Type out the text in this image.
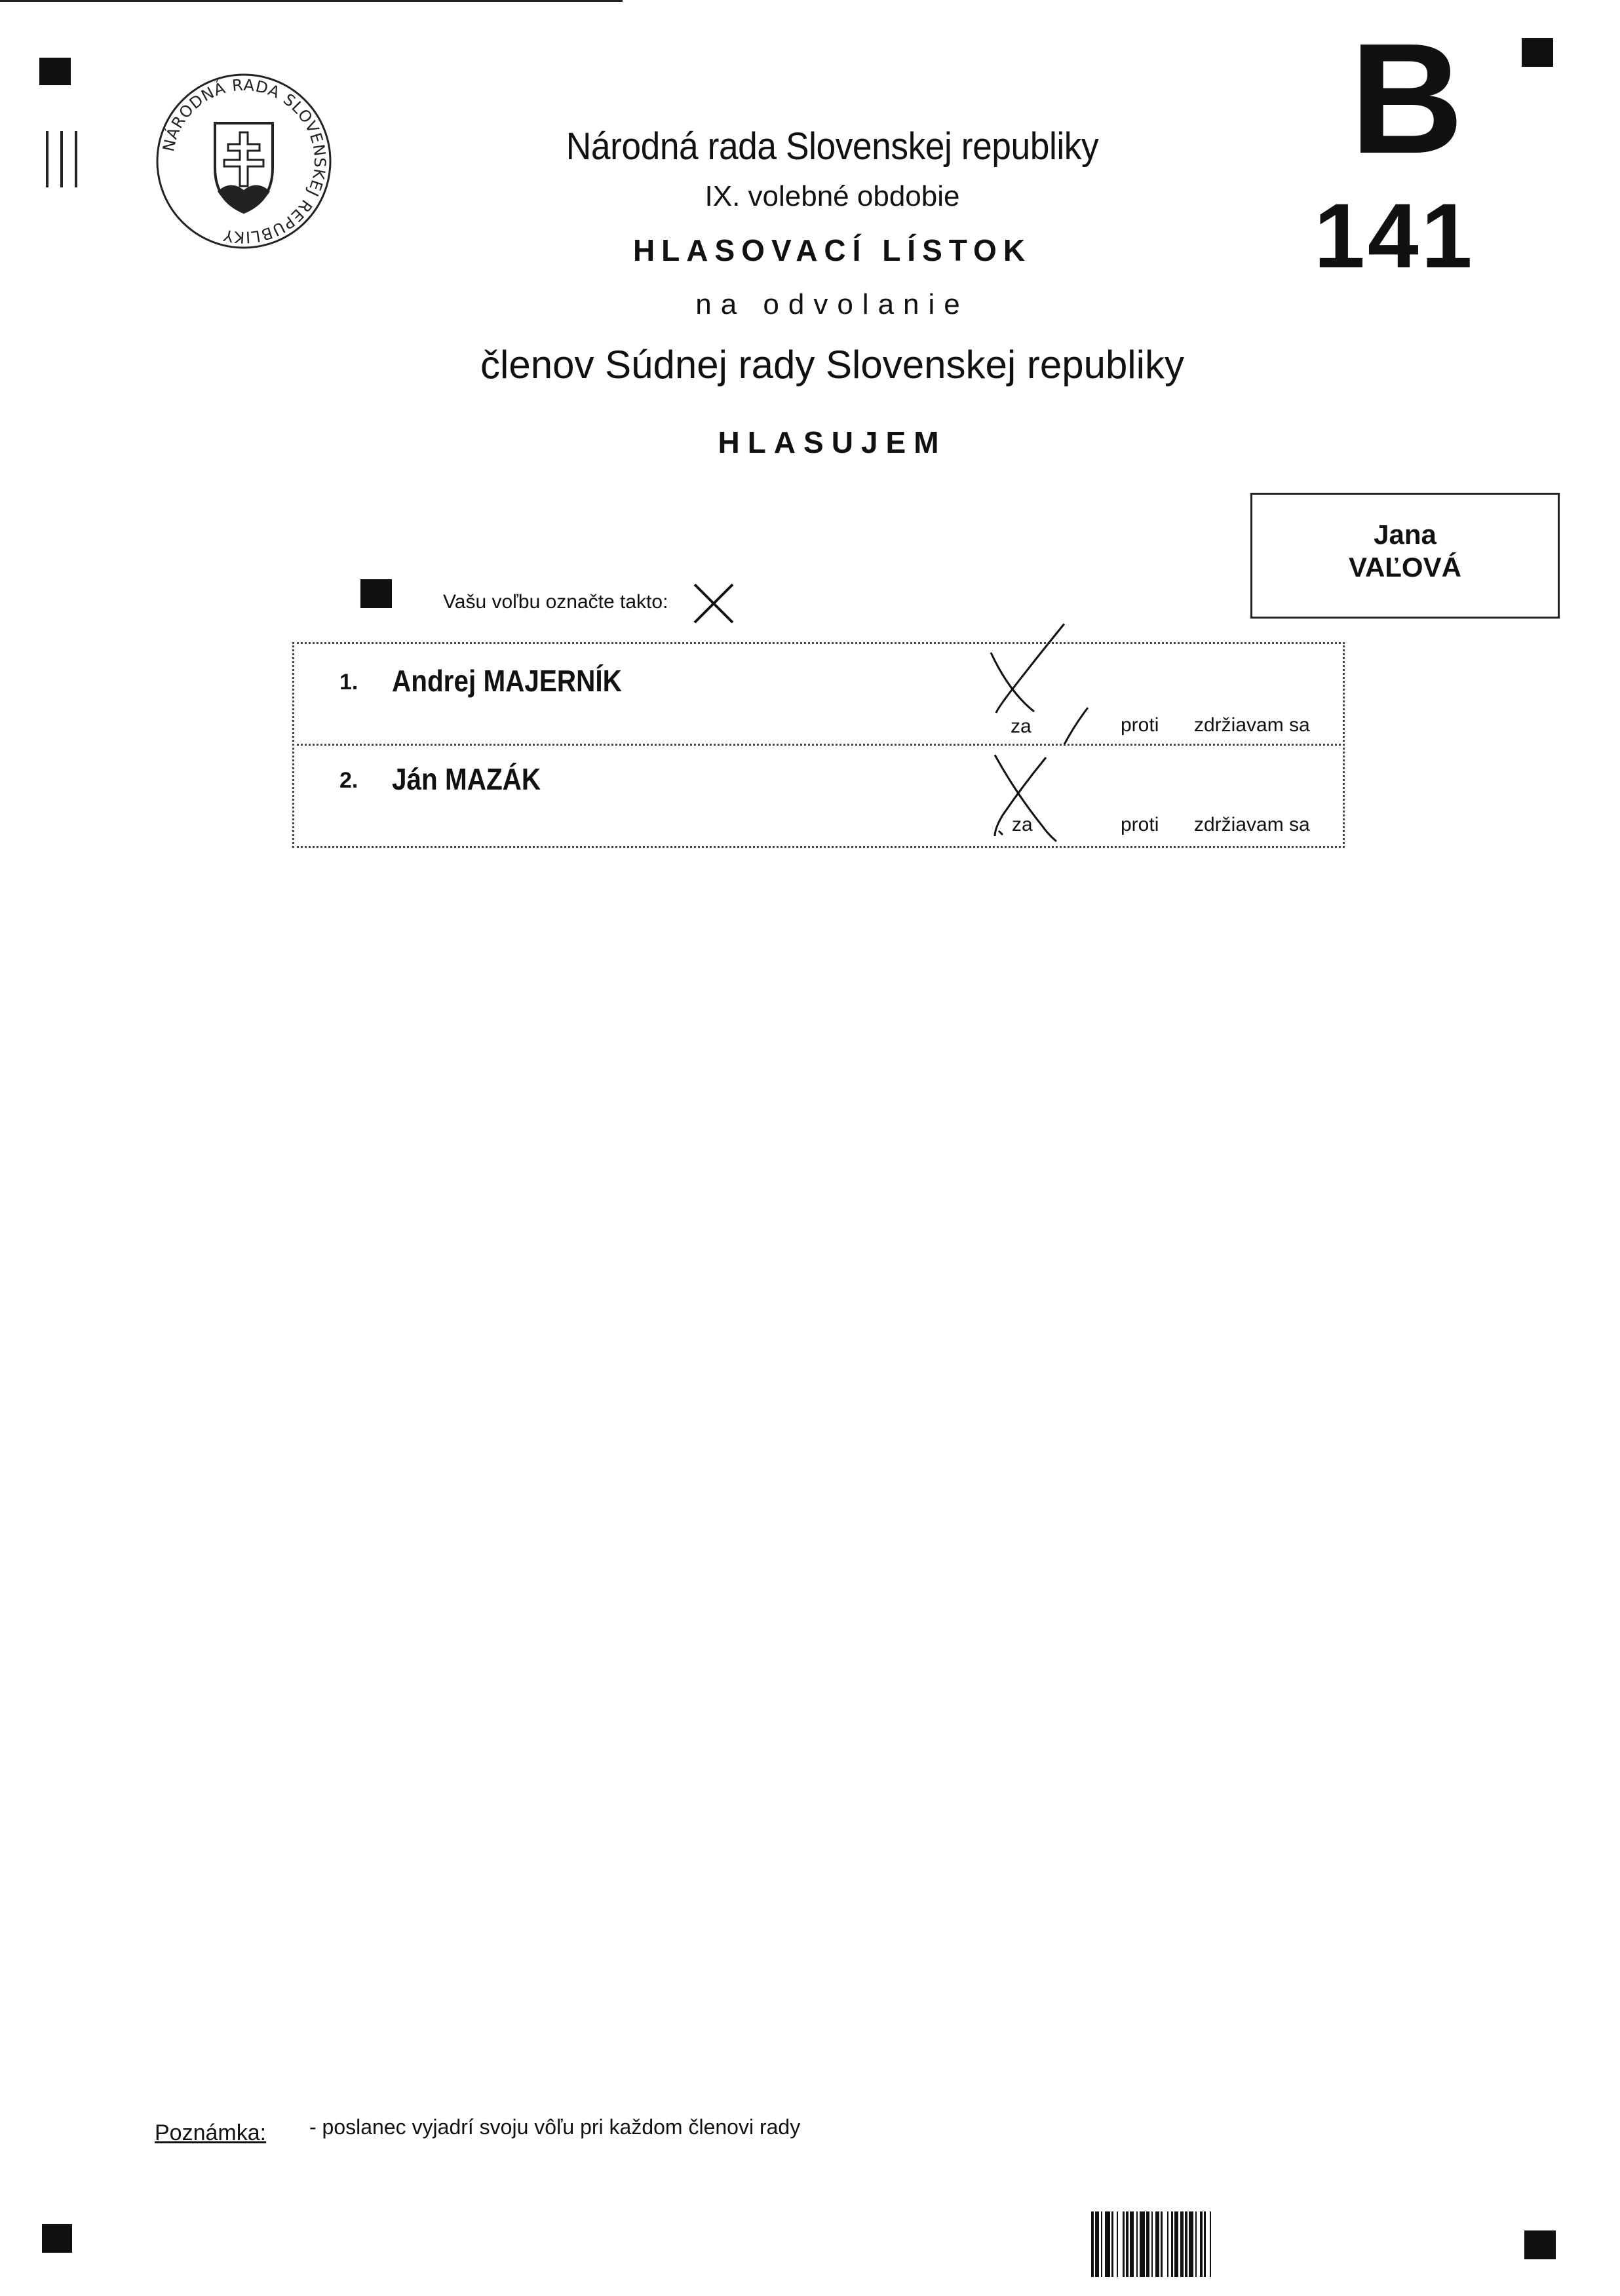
NÁRODNÁ RADA SLOVENSKEJ REPUBLIKY
Národná rada Slovenskej republiky
IX. volebné obdobie
HLASOVACÍ LÍSTOK
na odvolanie
členov Súdnej rady Slovenskej republiky
HLASUJEM
B
141
Jana
VAĽOVÁ
Vašu voľbu označte takto:
1. Andrej MAJERNÍK
za	proti zdržiavam sa
2. Ján MAZÁK
za	proti zdržiavam sa
Poznámka: - poslanec vyjadrí svoju vôľu pri každom členovi rady
